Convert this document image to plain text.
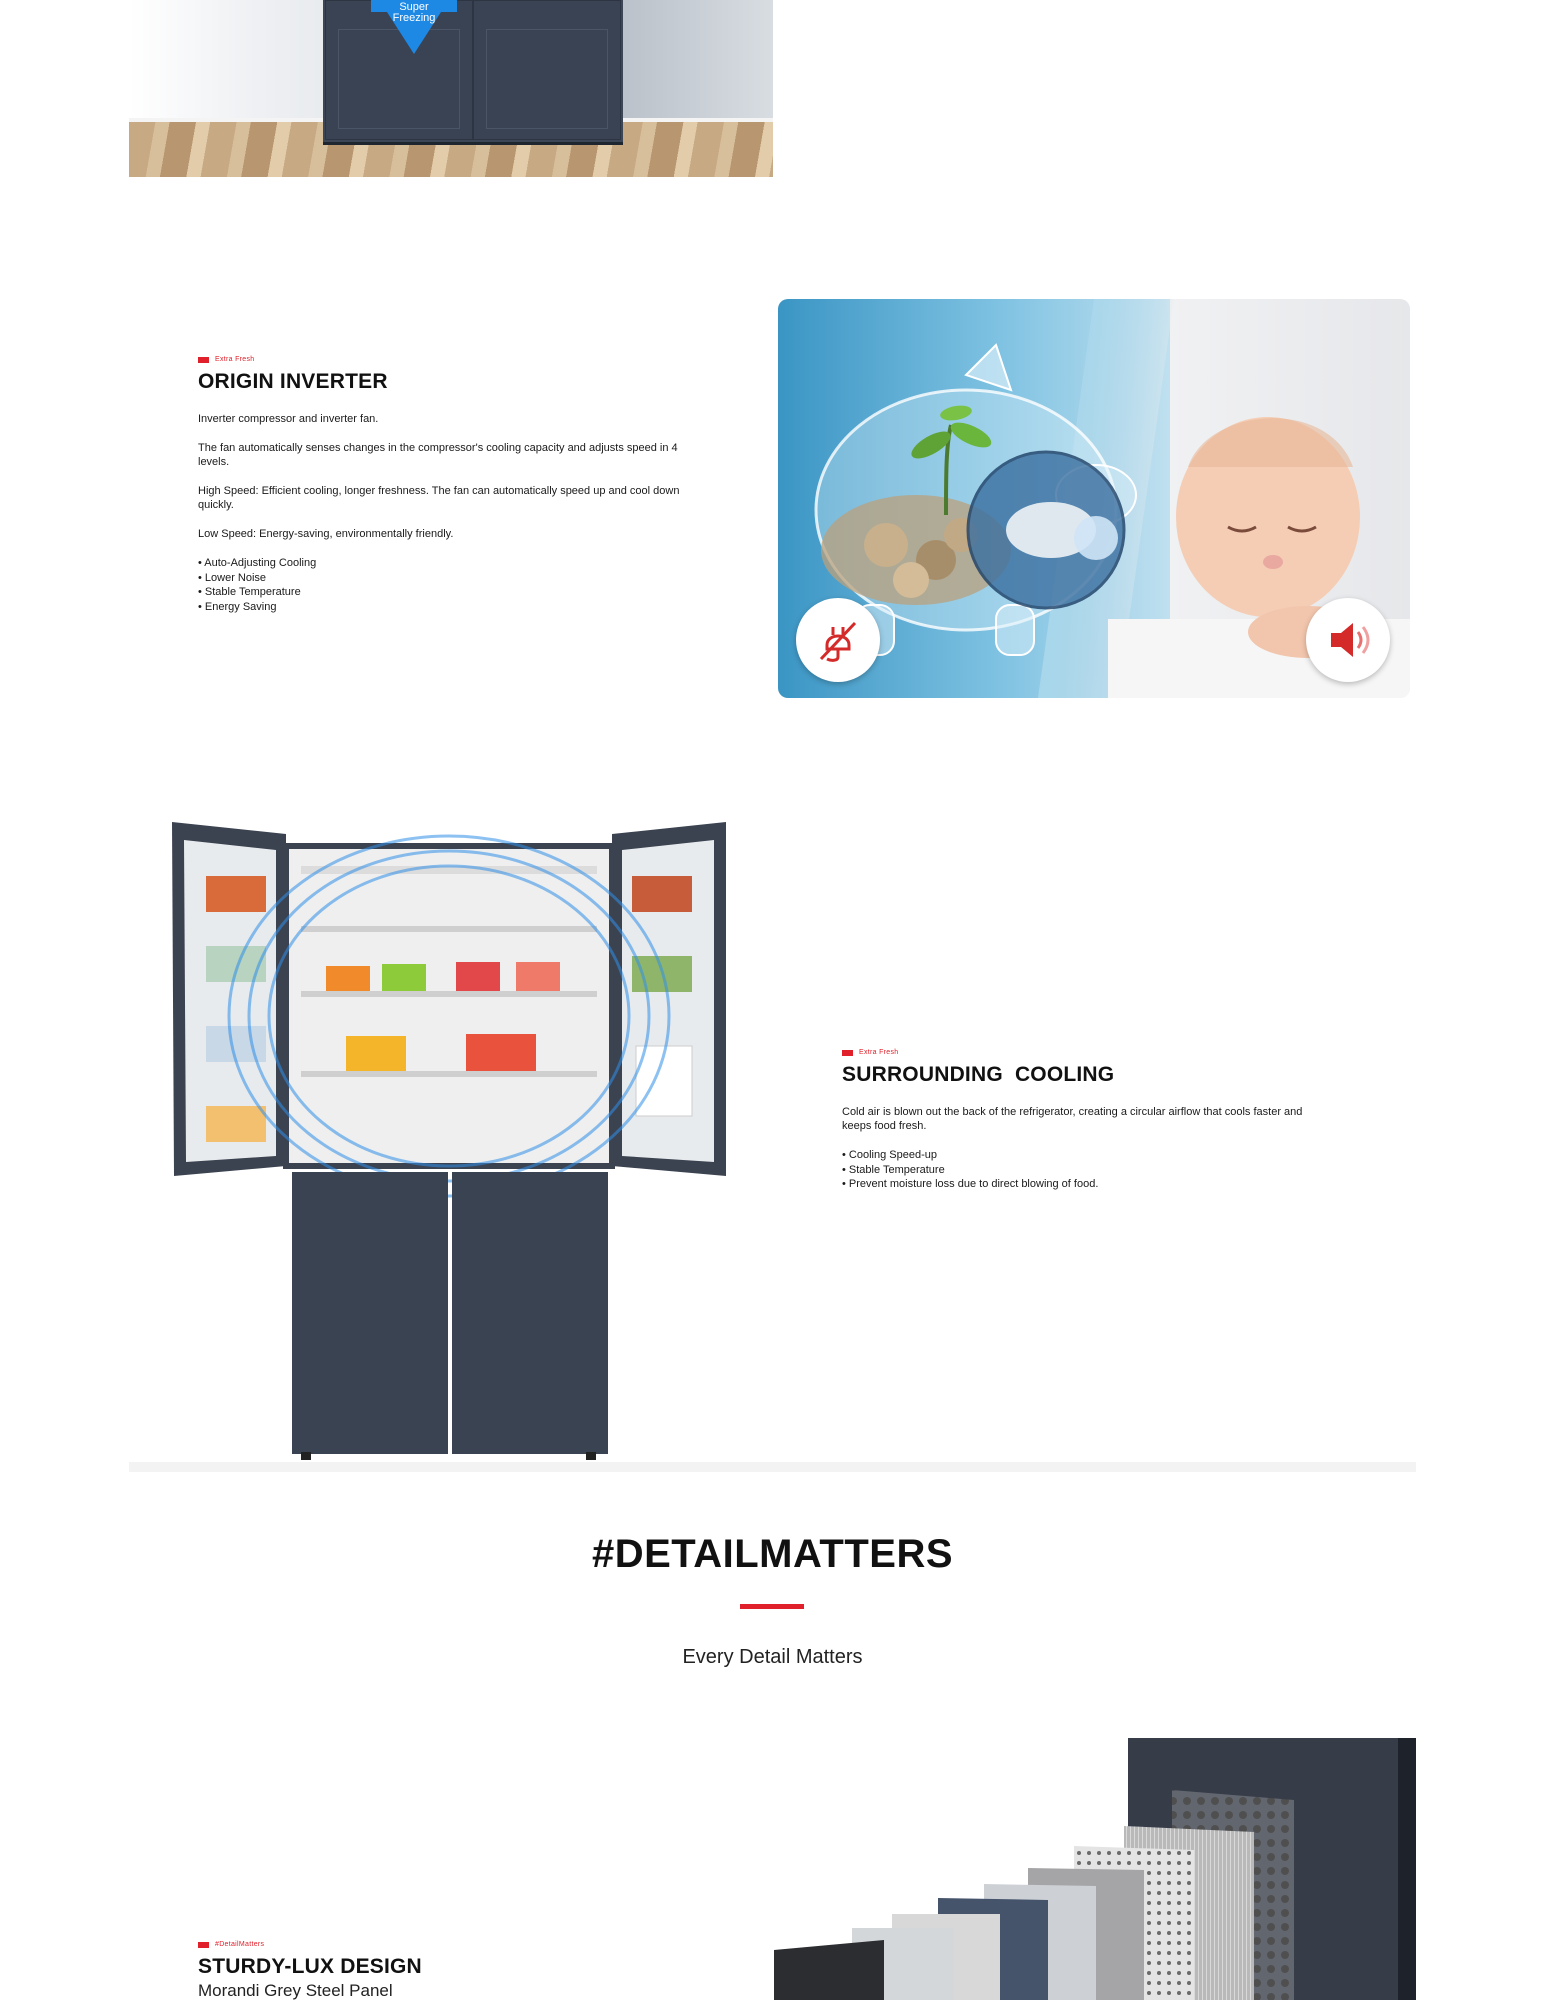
Super
Freezing
Extra Fresh
ORIGIN INVERTER

Inverter compressor and inverter fan.

The fan automatically senses changes in the compressor's cooling capacity and adjusts speed in 4 levels.

High Speed: Efficient cooling, longer freshness. The fan can automatically speed up and cool down quickly.

Low Speed: Energy-saving, environmentally friendly.

• Auto-Adjusting Cooling
• Lower Noise
• Stable Temperature
• Energy Saving
Extra Fresh
SURROUNDING  COOLING

Cold air is blown out the back of the refrigerator, creating a circular airflow that cools faster and keeps food fresh.

• Cooling Speed-up
• Stable Temperature
• Prevent moisture loss due to direct blowing of food.
#DETAILMATTERS
Every Detail Matters
#DetailMatters
STURDY-LUX DESIGN
Morandi Grey Steel Panel
